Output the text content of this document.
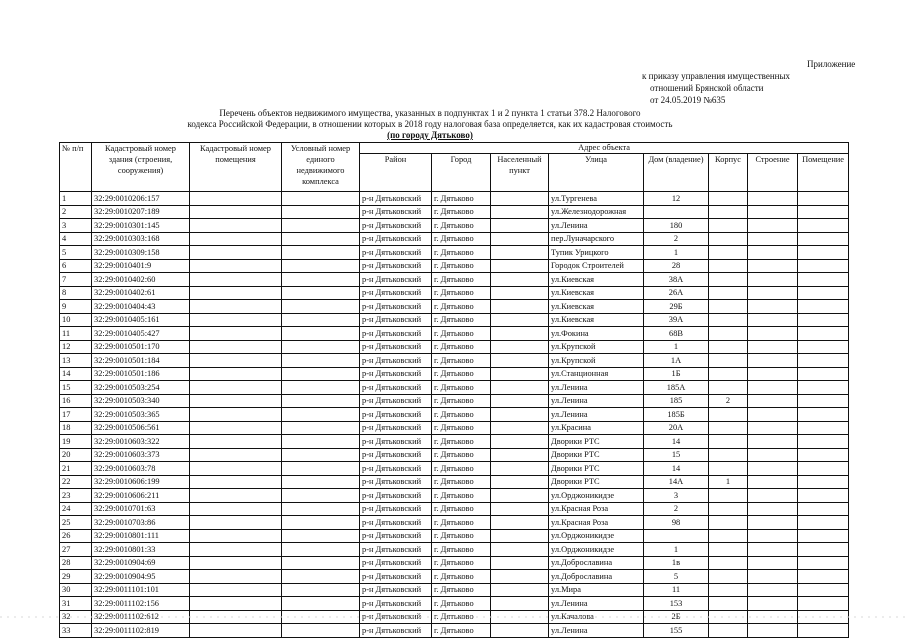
Приложение
к приказу управления имущественных
отношений Брянской области
от 24.05.2019 №635
Перечень объектов недвижимого имущества, указанных в подпунктах 1 и 2 пункта 1 статьи 378.2 Налогового
кодекса Российской Федерации, в отношении которых в 2018 году налоговая база определяется, как их кадастровая стоимость
(по городу Дятьково)
№ п/п	Кадастровый номер здания (строения, сооружения)	Кадастровый номер помещения	Условный номер единого недвижимого комплекса	Адрес объекта							
				Район	Город	Населенный пункт	Улица	Дом (владение)	Корпус	Строение	Помещение
1	32:29:0010206:157			р-н Дятьковский	г. Дятьково		ул.Тургенева	12			
2	32:29:0010207:189			р-н Дятьковский	г. Дятьково		ул.Железнодорожная				
3	32:29:0010301:145			р-н Дятьковский	г. Дятьково		ул.Ленина	180			
4	32:29:0010303:168			р-н Дятьковский	г. Дятьково		пер.Луначарского	2			
5	32:29:0010309:158			р-н Дятьковский	г. Дятьково		Тупик Урицкого	1			
6	32:29:0010401:9			р-н Дятьковский	г. Дятьково		Городок Строителей	28			
7	32:29:0010402:60			р-н Дятьковский	г. Дятьково		ул.Киевская	38А			
8	32:29:0010402:61			р-н Дятьковский	г. Дятьково		ул.Киевская	26А			
9	32:29:0010404:43			р-н Дятьковский	г. Дятьково		ул.Киевская	29Б			
10	32:29:0010405:161			р-н Дятьковский	г. Дятьково		ул.Киевская	39А			
11	32:29:0010405:427			р-н Дятьковский	г. Дятьково		ул.Фокина	68В			
12	32:29:0010501:170			р-н Дятьковский	г. Дятьково		ул.Крупской	1			
13	32:29:0010501:184			р-н Дятьковский	г. Дятьково		ул.Крупской	1А			
14	32:29:0010501:186			р-н Дятьковский	г. Дятьково		ул.Станционная	1Б			
15	32:29:0010503:254			р-н Дятьковский	г. Дятьково		ул.Ленина	185А			
16	32:29:0010503:340			р-н Дятьковский	г. Дятьково		ул.Ленина	185	2		
17	32:29:0010503:365			р-н Дятьковский	г. Дятьково		ул.Ленина	185Б			
18	32:29:0010506:561			р-н Дятьковский	г. Дятьково		ул.Красина	20А			
19	32:29:0010603:322			р-н Дятьковский	г. Дятьково		Дворики РТС	14			
20	32:29:0010603:373			р-н Дятьковский	г. Дятьково		Дворики РТС	15			
21	32:29:0010603:78			р-н Дятьковский	г. Дятьково		Дворики РТС	14			
22	32:29:0010606:199			р-н Дятьковский	г. Дятьково		Дворики РТС	14А	1		
23	32:29:0010606:211			р-н Дятьковский	г. Дятьково		ул.Орджоникидзе	3			
24	32:29:0010701:63			р-н Дятьковский	г. Дятьково		ул.Красная Роза	2			
25	32:29:0010703:86			р-н Дятьковский	г. Дятьково		ул.Красная Роза	98			
26	32:29:0010801:111			р-н Дятьковский	г. Дятьково		ул.Орджоникидзе				
27	32:29:0010801:33			р-н Дятьковский	г. Дятьково		ул.Орджоникидзе	1			
28	32:29:0010904:69			р-н Дятьковский	г. Дятьково		ул.Доброславина	1в			
29	32:29:0010904:95			р-н Дятьковский	г. Дятьково		ул.Доброславина	5			
30	32:29:0011101:101			р-н Дятьковский	г. Дятьково		ул.Мира	11			
31	32:29:0011102:156			р-н Дятьковский	г. Дятьково		ул.Ленина	153			
32	32:29:0011102:612			р-н Дятьковский	г. Дятьково		ул.Качалова	2Б			
33	32:29:0011102:819			р-н Дятьковский	г. Дятьково		ул.Ленина	155			
